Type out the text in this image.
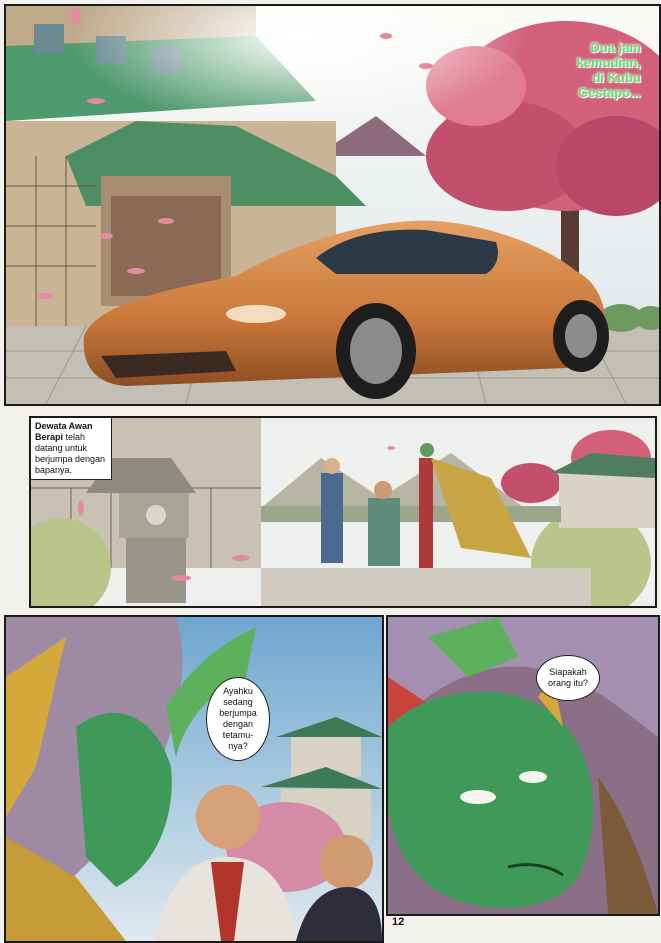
Dua jam
kemudian,
di Kubu
Gestapo...
Dewata Awan Berapi telah datang untuk berjumpa dengan bapanya.
Ayahku
sedang
berjumpa
dengan
tetamu-
nya?
Siapakah
orang itu?
12
